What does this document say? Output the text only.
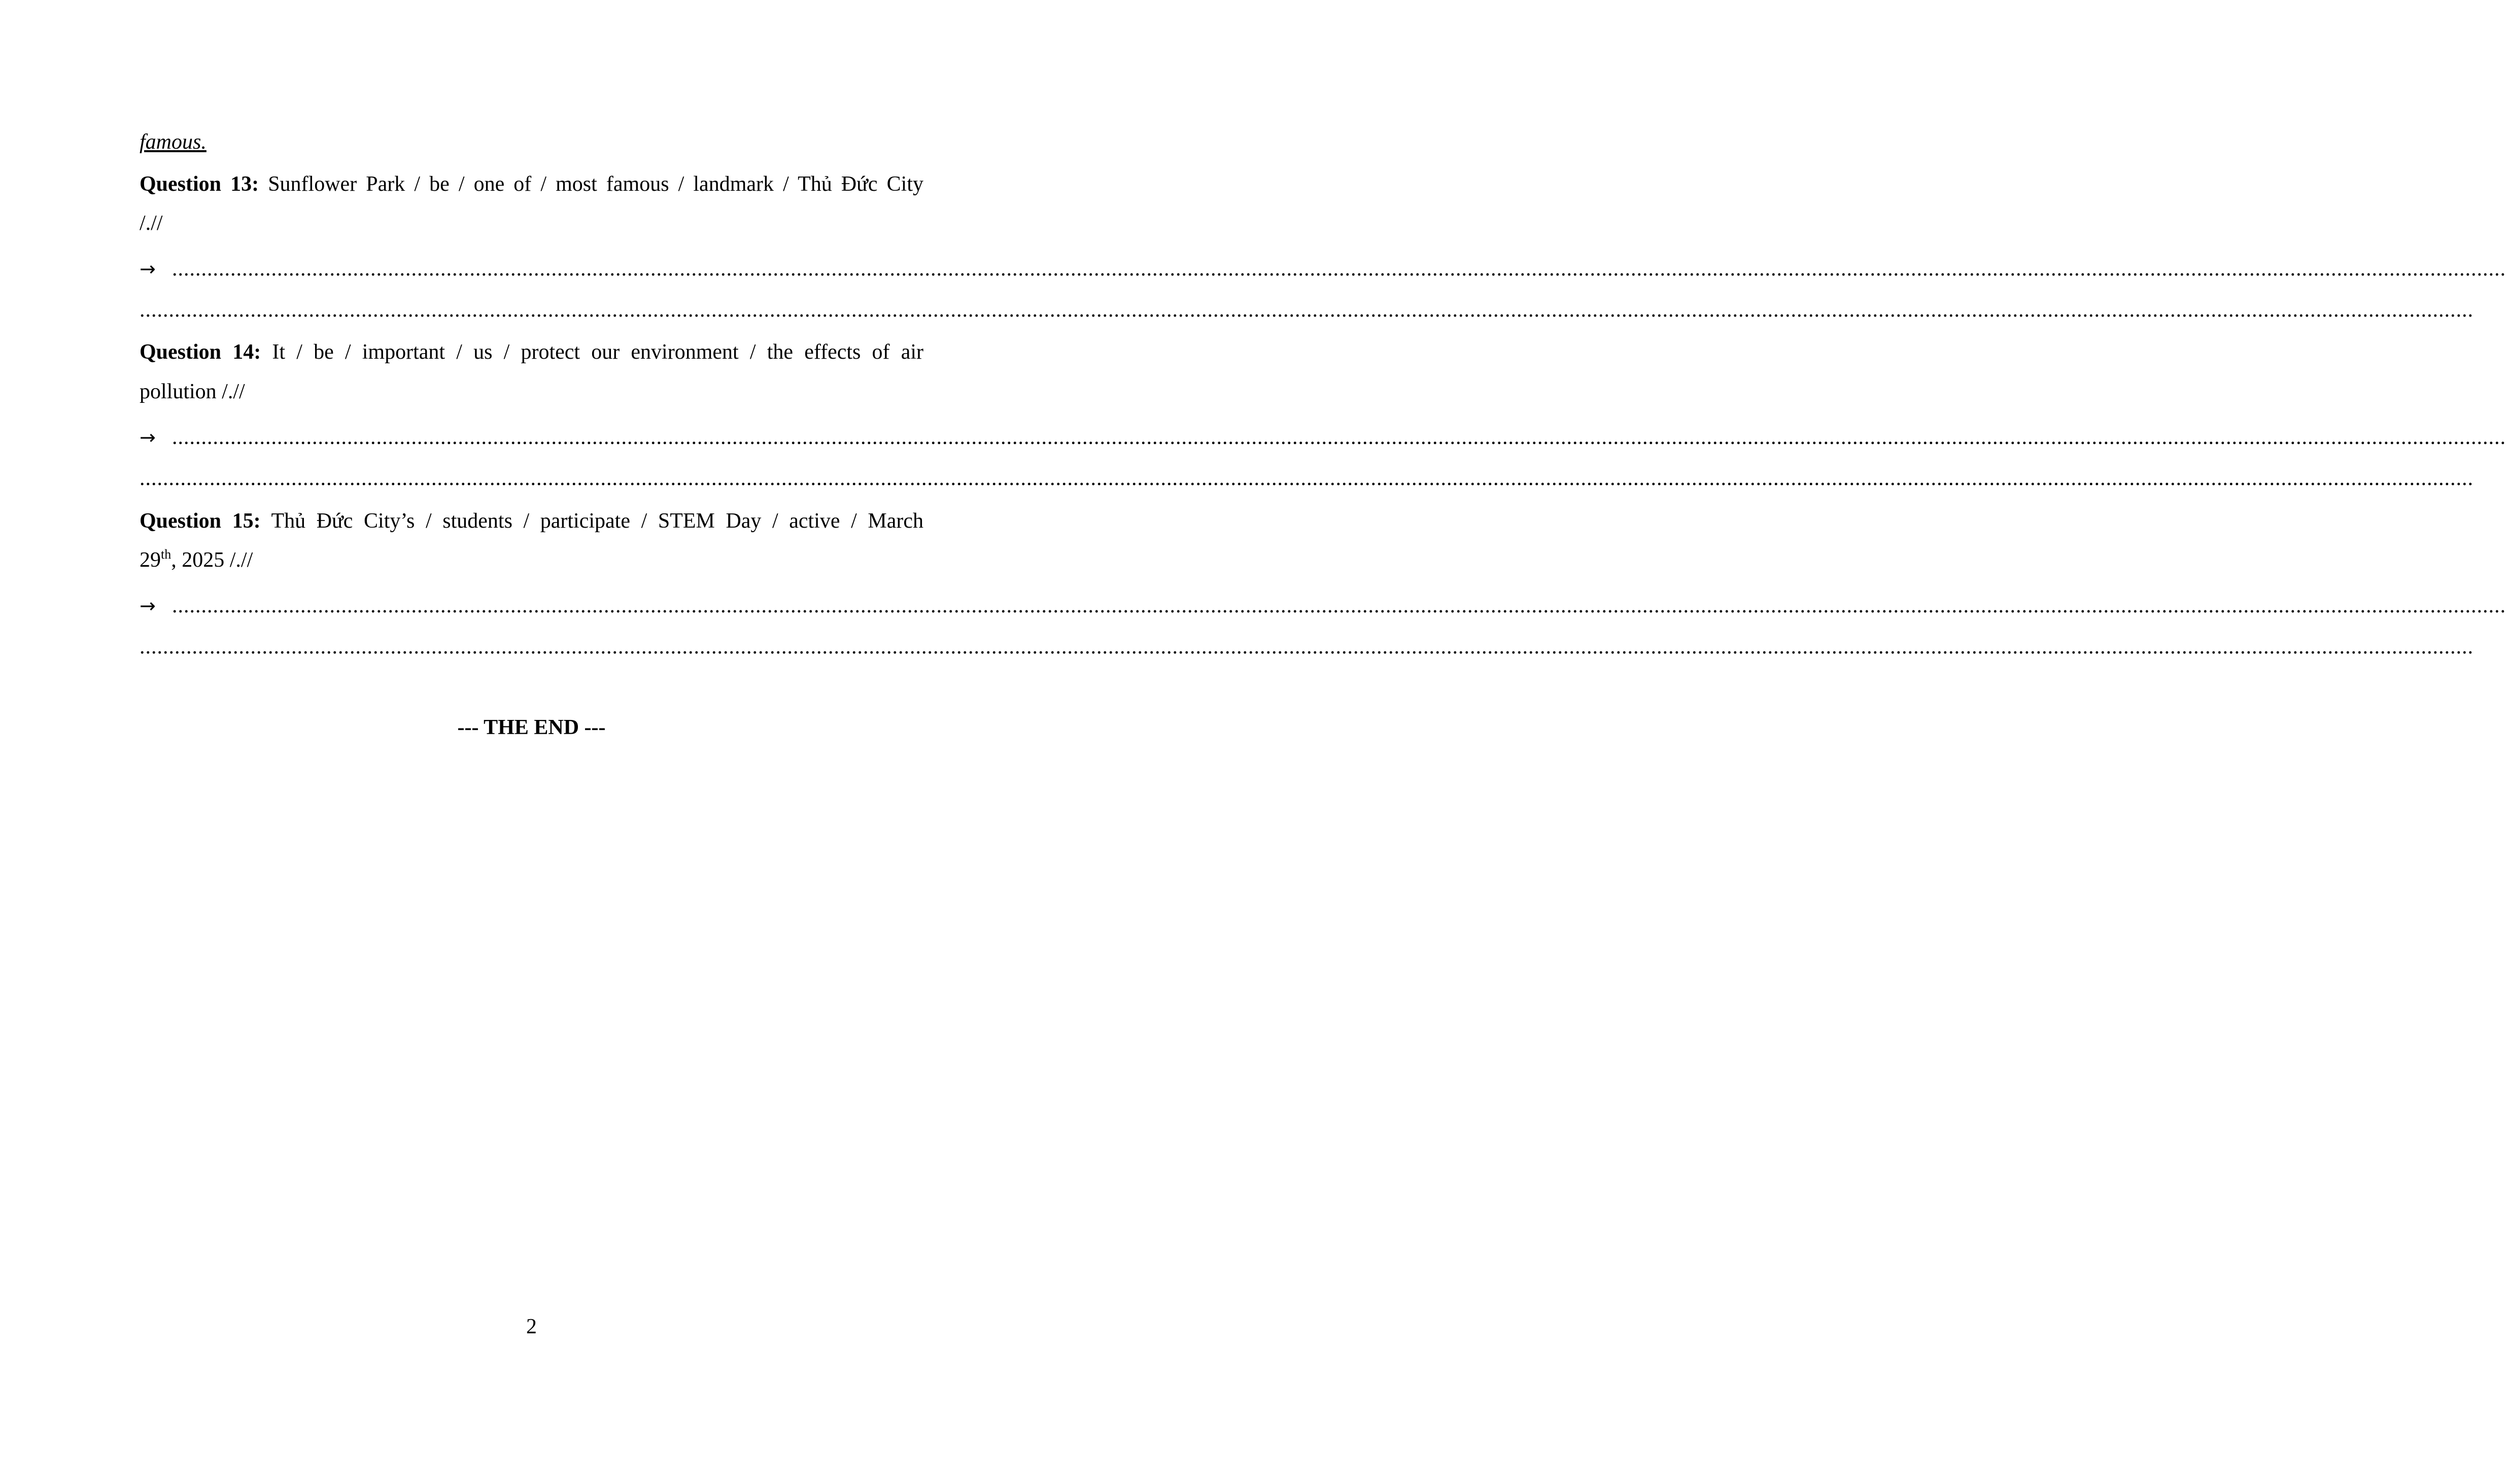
famous.
Question 13: Sunflower Park / be / one of / most famous / landmark / Thủ Đức City
/.//
→ ................................................................................................................................................................................................................................................................................................................................................................................................................
................................................................................................................................................................................................................................................................................................................................................................................................................
Question 14: It / be / important / us / protect our environment / the effects of air
pollution /.//
→ ................................................................................................................................................................................................................................................................................................................................................................................................................
................................................................................................................................................................................................................................................................................................................................................................................................................
Question 15: Thủ Đức City’s / students / participate / STEM Day / active / March
29th, 2025 /.//
→ ................................................................................................................................................................................................................................................................................................................................................................................................................
................................................................................................................................................................................................................................................................................................................................................................................................................
--- THE END ---
2
